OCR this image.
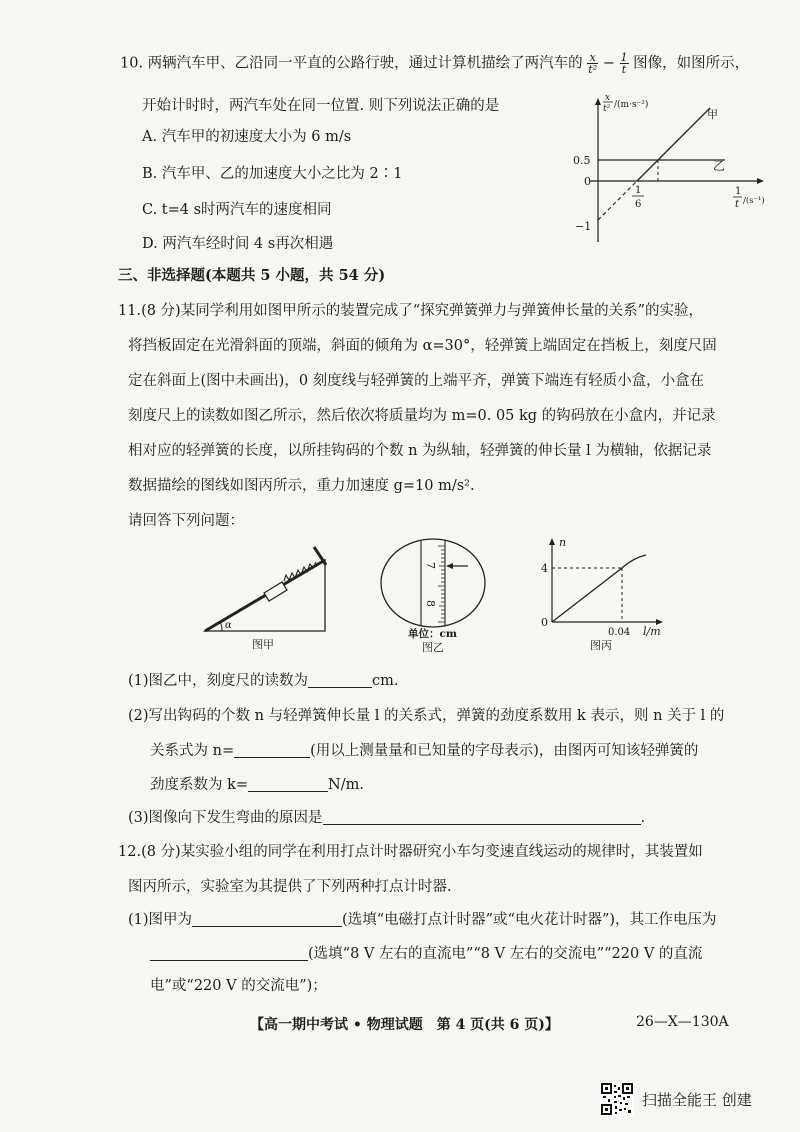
10. 两辆汽车甲、乙沿同一平直的公路行驶，通过计算机描绘了两汽车的 $\frac{x}{\text{t²}} - \frac{1}{t}$ 图像，如图所示，
开始计时时，两汽车处在同一位置. 则下列说法正确的是
A. 汽车甲的初速度大小为 6 m/s
B. 汽车甲、乙的加速度大小之比为 2∶1
C. t=4 s时两汽车的速度相同
D. 两汽车经时间 4 s再次相遇
x
t² /(m·s⁻²)
0.5
0
−1
乙
甲
1
6
1
t /(s⁻¹)
三、非选择题(本题共 5 小题，共 54 分)
11.(8 分)某同学利用如图甲所示的装置完成了“探究弹簧弹力与弹簧伸长量的关系”的实验，
将挡板固定在光滑斜面的顶端，斜面的倾角为 α=30°，轻弹簧上端固定在挡板上，刻度尺固
定在斜面上(图中未画出)，0 刻度线与轻弹簧的上端平齐，弹簧下端连有轻质小盒，小盒在
刻度尺上的读数如图乙所示，然后依次将质量均为 m=0. 05 kg 的钩码放在小盒内，并记录
相对应的轻弹簧的长度，以所挂钩码的个数 n 为纵轴，轻弹簧的伸长量 l 为横轴，依据记录
数据描绘的图线如图丙所示，重力加速度 g=10 m/s².
请回答下列问题：
α
图甲
7
8
单位：cm
图乙
n
4
0
0.04 l/m
图丙
(1)图乙中，刻度尺的读数为	cm.
(2)写出钩码的个数 n 与轻弹簧伸长量 l 的关系式，弹簧的劲度系数用 k 表示，则 n 关于 l 的
关系式为 n=	(用以上测量量和已知量的字母表示)，由图丙可知该轻弹簧的
劲度系数为 k=	N/m.
(3)图像向下发生弯曲的原因是	.
12.(8 分)某实验小组的同学在利用打点计时器研究小车匀变速直线运动的规律时，其装置如
图丙所示，实验室为其提供了下列两种打点计时器.
(1)图甲为	(选填“电磁打点计时器”或“电火花计时器”)，其工作电压为
(选填“8 V 左右的直流电”“8 V 左右的交流电”“220 V 的直流
电”或“220 V 的交流电”)；
【高一期中考试 • 物理试题　第 4 页(共 6 页)】	26—X—130A
扫描全能王 创建
